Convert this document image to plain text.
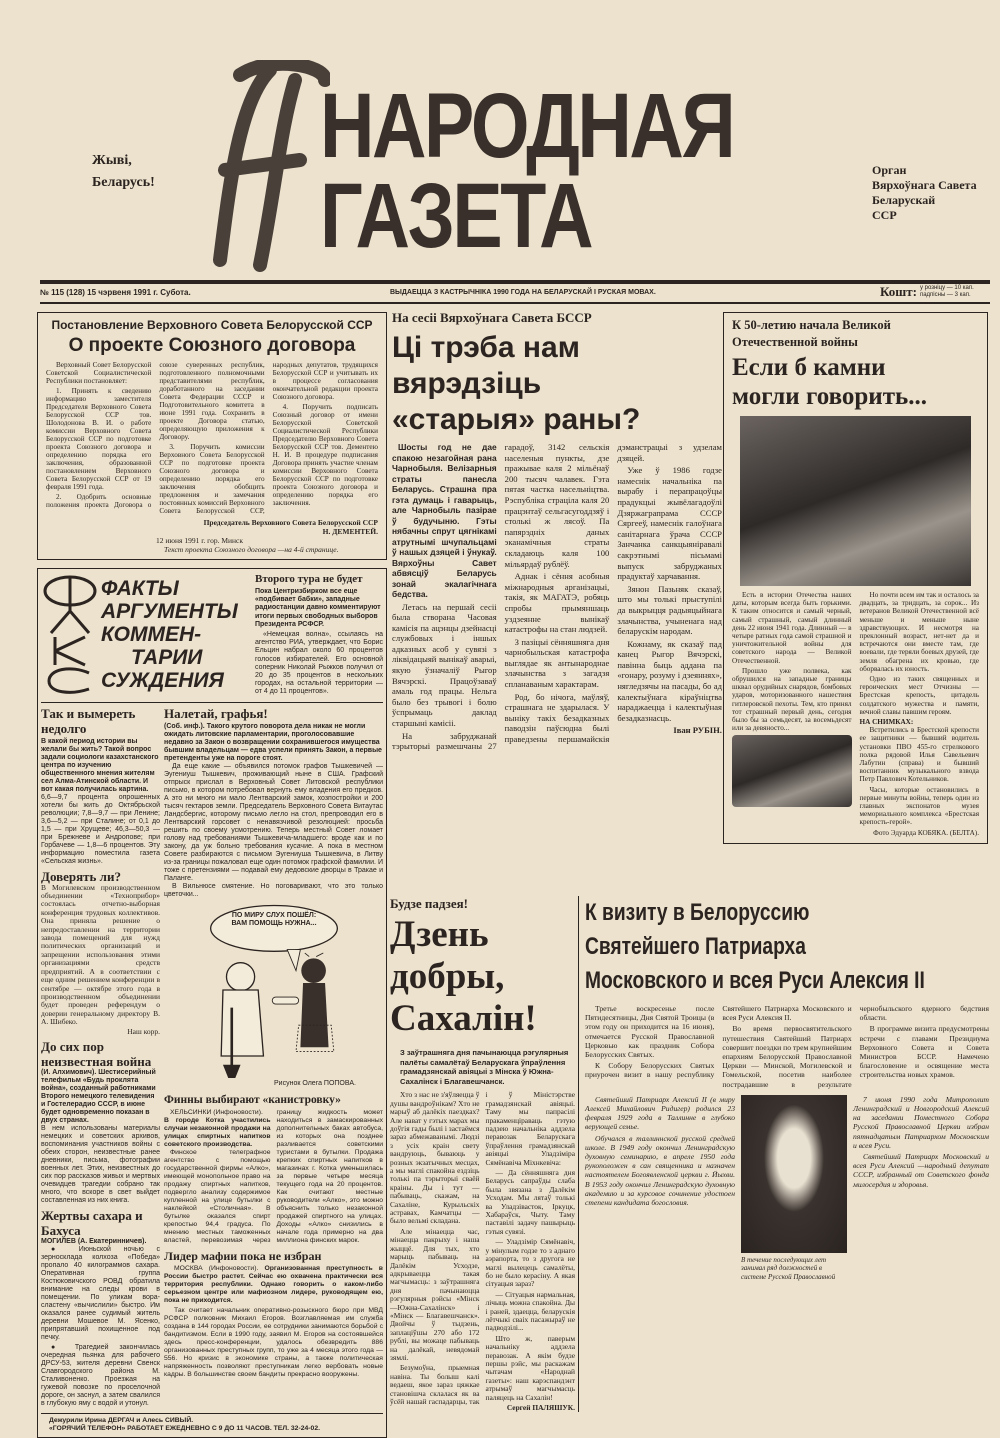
Жыві,
Беларусь!
НАРОДНАЯ
ГАЗЕТА	Орган
Вярхоўнага Савета
Беларускай
ССР
№ 115 (128) 15 чэрвеня 1991 г. Субота.	ВЫДАЕЦЦА З КАСТРЫЧНІКА 1990 ГОДА НА БЕЛАРУСКАЙ І РУСКАЯ МОВАХ.	Кошт: у розніцу — 10 кап.
падпісны — 3 кап.
Постановление Верховного Совета Белорусской ССР
О проекте Союзного договора

Верховный Совет Белорусской Советской Социалистической Республики постановляет:

1. Принять к сведению информацию заместителя Председателя Верховного Совета Белорусской ССР тов. Шолодонова В. И. о работе комиссии Верховного Совета Белорусской ССР по подготовке проекта Союзного договора и определению порядка его заключения, образованной постановлением Верховного Совета Белорусской ССР от 19 февраля 1991 года.

2. Одобрить основные положения проекта Договора о союзе суверенных республик, подготовленного полномочными представителями республик, доработанного на заседании Совета Федерации СССР и Подготовительного комитета в июне 1991 года. Сохранить в проекте Договора статью, определяющую приложения к Договору.

3. Поручить комиссии Верховного Совета Белорусской ССР по подготовке проекта Союзного договора и определению порядка его заключения обобщить предложения и замечания постоянных комиссий Верховного Совета Белорусской ССР, народных депутатов, трудящихся Белорусской ССР и учитывать их в процессе согласования окончательной редакции проекта Союзного договора.

4. Поручить подписать Союзный договор от имени Белорусской Советской Социалистической Республики Председателю Верховного Совета Белорусской ССР тов. Дементею Н. И. В процедуре подписания Договора принять участие членам комиссии Верховного Совета Белорусской ССР по подготовке проекта Союзного договора и определению порядка его заключения.

Председатель Верховного Совета Белорусской ССР
Н. ДЕМЕНТЕЙ.
12 июня 1991 г. гор. Минск
Текст проекта Союзного договора —на 4-й странице.
ФАКТЫ
АРГУМЕНТЫ
КОММЕН-
ТАРИИ
СУЖДЕНИЯ
Второго тура не будет
Пока Центризбирком все еще «подбивает бабки», западные радиостанции давно комментируют итоги первых свободных выборов Президента РСФСР.
«Немецкая волна», ссылаясь на агентство РИА, утверждает, что Борис Ельцин набрал около 60 процентов голосов избирателей. Его основной соперник Николай Рыжков получил от 20 до 35 процентов в нескольких городах, на остальной территории — от 4 до 11 процентов».
Так и вымереть недолго
В какой период истории вы желали бы жить? Такой вопрос задали социологи казахстанского центра по изучению общественного мнения жителям сел Алма-Атинской области. И вот какая получилась картина.
6,6—9,7 процента опрошенных хотели бы жить до Октябрьской революции; 7,8—9,7 — при Ленине; 3,6—5,2 — при Сталине; от 0,1 до 1,5 — при Хрущеве; 46,3—50,3 — при Брежневе и Андропове; при Горбачеве — 1,8—6 процентов. Эту информацию поместила газета «Сельская жизнь».
Доверять ли?
В Могилевском производственном объединении «Техноприбор» состоялась отчетно-выборная конференция трудовых коллективов. Она приняла решение о непредоставлении на территории завода помещений для нужд политических организаций и запрещении использования этими организациями средств предприятий. А в соответствии с еще одним решением конференции в сентябре — октябре этого года в производственном объединении будет проведен референдум о доверии генеральному директору В. А. Шибеко.
Наш корр.
До сих пор неизвестная война
(И. Алхимович). Шестисерийный телефильм «Будь проклята война», созданный работниками Второго немецкого телевидения и Гостелерадио СССР, в июне будет одновременно показан в двух странах.
В нем использованы материалы немецких и советских архивов, воспоминания участников войны с обеих сторон, неизвестные ранее дневники, письма, фотографии военных лет. Этих, неизвестных до сих пор рассказов живых и мертвых очевидцев трагедии собрано так много, что вскоре в свет выйдет составленная из них книга.
Жертвы сахара и Бахуса
МОГИЛЕВ (А. Екатеринничев).

● Июньской ночью с зерносклада колхоза «Победа» пропало 40 килограммов сахара. Оперативная группа Костюковичского РОВД обратила внимание на следы крови в помещении. По уликам вора-сластену «вычислили» быстро. Им оказался ранее судимый житель деревни Мошевое М. Ясенко, припрятавший похищенное под печку.

● Трагедией закончилась очередная пьянка для рабочего ДРСУ-53, жителя деревни Свенск Славгородского района М. Сталивоненко. Проезжая на гужевой повозке по проселочной дороге, он заснул, а затем свалился в глубокую яму с водой и утонул.

Налетай, графья!
(Соб. инф.). Такого крутого поворота дела никак не могли ожидать литовские парламентарии, проголосовавшие недавно за Закон о возвращении сохранившегося имущества бывшим владельцам — едва успели принять Закон, а первые претенденты уже на пороге стоят.
Да еще какие — объявился потомок графов Тышкевичей — Эугениуш Тышкевич, проживающий ныне в США. Графский отпрыск прислал в Верховный Совет Литовской республики письмо, в котором потребовал вернуть ему владения его предков. А это ни много ни мало Лентварский замок, хозпостройки и 200 тысяч гектаров земли. Председатель Верховного Совета Витаутас Ландсбергис, которому письмо легло на стол, препроводил его в Лентварский горсовет с ненавязчивой резолюцией: просьба решить по своему усмотрению. Теперь местный Совет ломает голову над требованиями Тышкевича-младшего: вроде как и по закону, да уж больно требования кусачие. А пока в местном Совете разбираются с письмом Эугениуша Тышкевича, в Литву из-за границы пожаловал еще один потомок графской фамилии. И тоже с претензиями — подавай ему дедовские дворцы в Тракае и Паланге.
В Вильнюсе смятение. Но поговаривают, что это только цветочки...
ПО МИРУ СЛУХ ПОШЁЛ: ВАМ ПОМОЩЬ НУЖНА...
Рисунок Олега ПОПОВА.
Финны выбирают «канистровку»
ХЕЛЬСИНКИ (Инфоновости).
В городе Котка участились случаи незаконной продажи на улицах спиртных напитков советского производства.
Финское телеграфное агентство с помощью государственной фирмы «Алко», имеющей монопольное право на продажу спиртных напитков, подвергло анализу содержимое купленной на улице бутылки с наклейкой «Столичная». В бутылке оказался спирт крепостью 94,4 градуса. По мнению местных таможенных властей, перевозимая через границу жидкость может находиться в замаскированных дополнительных баках автобуса, из которых она позднее разливается советскими туристами в бутылки. Продажа крепких спиртных напитков в магазинах г. Котка уменьшилась за первые четыре месяца текущего года на 20 процентов. Как считают местные руководители «Алко», это можно объяснить только незаконной продажей спиртного на улицах. Доходы «Алко» снизились в начале года примерно на два миллиона финских марок.
Лидер мафии пока не избран

МОСКВА (Инфоновости). Организованная преступность в России быстро растет. Сейчас ею охвачена практически вся территория республики. Однако говорить о каком-либо серьезном центре или мафиозном лидере, руководящем ею, пока не приходится.

Так считает начальник оперативно-розыскного бюро при МВД РСФСР полковник Михаил Егоров. Возглавляемая им служба создана в 144 городах России, ее сотрудники занимаются борьбой с бандитизмом. Если в 1990 году, заявил М. Егоров на состоявшейся здесь пресс-конференции, удалось обезвредить 886 организованных преступных групп, то уже за 4 месяца этого года — 556. Но кризис в экономике страны, а также политическая напряженность позволяют преступникам легко вербовать новые кадры. В большинстве своем бандиты прекрасно вооружены.

Дежурили Ирина ДЕРГАЧ и Алесь СИВЫЙ.
«ГОРЯЧИЙ ТЕЛЕФОН» РАБОТАЕТ ЕЖЕДНЕВНО С 9 ДО 11 ЧАСОВ. ТЕЛ. 32-24-02.
На сесіі Вярхоўнага Савета БССР
Ці трэба нам вярэдзіць
«старыя» раны?

Шосты год не дае спакою незагойная рана Чарнобыля. Велізарныя страты панесла Беларусь. Страшна пра гэта думаць і гаварыць, але Чарнобыль пазірае ў будучыню. Гэты нябачны спрут цягнікамі атрутнымі шчупальцамі ў нашых дзяцей і ўнукаў. Вярхоўны Савет абвясціў Беларусь зонай экалагічнага бедства.

Летась на першай сесіі была створана Часовая камісія па ацэнцы дзейнасці службовых і іншых адказных асоб у сувязі з ліквідацыяй вынікаў аварыі, якую ўзначаліў Рыгор Вячэрскі. Працоўзаваў амаль год працы. Нельга было без трывогі і болю ўспрымаць даклад старшыні камісіі.

На забруджанай тэрыторыі размешчаны 27 гарадоў, 3142 сельскія населеныя пункты, дзе пражывае каля 2 мільёнаў 200 тысяч чалавек. Гэта пятая частка насельніцтва. Рэспубліка страціла каля 20 працэнтаў сельгасугоддзяў і столькі ж лясоў. Па папярэдніх даных эканамічныя страты складаюць каля 100 мільярдаў рублёў.

Аднак і сёння асобныя міжнародныя арганізацыі, такія, як МАГАТЭ, робяць спробы прымяншаць уздзеянне вынікаў катастрофы на стан людзей.

З пазіцыі сённяшняга дня чарнобыльская катастрофа выглядае як антынароднае злачынства з загадзя спланаваным характарам.

Род, бо нічога, маўляў, страшнага не здарылася. У выніку такіх безадказных паводзін паўсюдна былі праведзены першамайскія дэманстрацыі з удзелам дзяцей.

Уже ў 1986 годзе намеснік начальніка па вырабу і перапрацоўцы прадукцыі жывёлагадоўлі Дзяржаграпрама СССР Сяргееў, намеснік галоўнага санітарнага ўрача СССР Занчанка санкцыяніравалі сакрэтнымі пісьмамі выпуск забруджаных прадуктаў харчавання.

Зянон Пазьняк сказаў, што мы толькі прыступілі да выкрыцця радыяцыйнага злачынства, учыненага над беларускім народам.

Кожнаму, як сказаў пад канец Рыгор Вячэрскі, павінна быць аддана па «гонару, розуму і дзеяннях», нягледзячы на пасады, бо ад калектыўнага кіраўніцтва нараджаецца і калектыўная безадказнасць.

Іван РУБІН.

К 50-летию начала Великой
Отечественной войны
Если б камни
могли говорить...

Есть в истории Отечества наших даты, которым всегда быть горькими. К таким относится и самый черный, самый страшный, самый длинный день 22 июня 1941 года. Длинный — в четыре ратных года самой страшной и уничтожительной войны для советского народа — Великой Отечественной.

Прошло уже полвека, как обрушился на западные границы шквал орудийных снарядов, бомбовых ударов, моторизованного нашествия гитлеровской пехоты. Тем, кто принял тот страшный первый день, сегодня было бы за семьдесят, за восемьдесят или за девяносто...

Но почти всем им так и осталось за двадцать, за тридцать, за сорок... Из ветеранов Великой Отечественной всё меньше и меньше ныне здравствующих. И несмотря на преклонный возраст, нет-нет да и встречаются они вместе там, где воевали, где теряли боевых друзей, где земля обагрена их кровью, где оборвалась их юность.

Одно из таких священных и героических мест Отчизны — Брестская крепость, цитадель солдатского мужества и памяти, вечной славы павшим героям.

НА СНИМКАХ:

Встретились в Брестской крепости ее защитники — бывший водитель установки ПВО 455-го стрелкового полка рядовой Илья Савельевич Лабутин (справа) и бывший воспитанник музыкального взвода Петр Павлович Котельников.

Часы, которые остановились в первые минуты войны, теперь один из главных экспонатов музея мемориального комплекса «Брестская крепость-герой».

Фото Эдуарда КОБЯКА. (БЕЛТА).

Будзе падзея!
Дзень добры,
Сахалін!
З заўтрашняга дня пачынаюцца рэгулярныя палёты самалётаў Беларускага ўпраўлення грамадзянскай авіяцыі з Мінска ў Южна-Сахалінск і Благавешчанск.

Хто з нас не з'яўляецца ў душы вандроўнікам? Хто не марыў аб далёкіх паездках? Але нават у гэтых марах мы доўгія гады былі і застаёмся зараз абмежаванымі. Людзі з усіх краін свету вандруюць, бываюць у розных экзатычных месцах, а мы маглі спакойна ездзіць толькі па тэрыторыі сваёй краіны. Ды і тут — пабываць, скажам, на Сахаліне, Курыльскіх астравах, Камчатцы — было вельмі складана.

Але мінаецца час, мінаецца пакрыху і наша жыццё. Для тых, хто марыць пабываць на Далёкім Усходзе, адкрываецца такая магчымасць: з заўтрашняга дня пачынаюцца рэгулярныя рэйсы «Мінск—Южна-Сахалінск» і «Мінск — Благавешчанск». Двойчы ў тыдзень, заплаціўшы 270 або 172 рублі, вы можаце пабываць на далёкай, невядомай зямлі.

Безумоўна, прыемная навіна. Ты болыш калі ведаеш, якое зараз цяжкае становішча склалася як ва ўсёй нашай гаспадарцы, так і ў Міністэрстве грамадзянскай авіяцыі. Таму мы папрасілі пракаменціраваць гэтую падзею начальніка аддзела перавозак Беларускага ўпраўлення грамадзянскай авіяцыі Уладзіміра Сямёнавіча Міхнкевіча:

— Да сённяшняга дня Беларусь сапраўды слаба была звязана з Далёкім Усходам. Мы лятаў толькі ва Уладзівасток, Іркуцк, Хабараўск, Чыту. Таму паставілі задачу пашырыць гэтыя сувязі.

— Уладзімір Сямёнавіч, у мінулым годзе то з аднаго аэрапорта, то з другога не маглі вылецець самалёты, бо не было керасіну. А якая сітуацыя зараз?

— Сітуацыя нармальная, лічыць можна спакойна. Ды і раней, здаецца, беларускія лётчыкі сваіх пасажыраў не падводзілі...

Што ж, паверым начальніку аддзела перавозак. А якім будзе першы рэйс, мы раскажам чытачам «Народнай газеты»: наш карэспандэнт атрымаў магчымасць паляцець на Сахалін!

Сергей ПАЛЯШУК.

К визиту в Белоруссию
Святейшего Патриарха
Московского и всея Руси Алексия II

Третье воскресенье после Пятидесятницы, Дня Святой Троицы (в этом году он приходится на 16 июня), отмечается Русской Православной Церковью как праздник Собора Белорусских Святых.

К Собору Белорусских Святых приурочен визит в нашу республику Святейшего Патриарха Московского и всея Руси Алексия II.

Во время первосвятительского путешествия Святейший Патриарх совершит поездки по трем крупнейшим епархиям Белорусской Православной Церкви — Минской, Могилевской и Гомельской, посетив наиболее пострадавшие в результате чернобыльского ядерного бедствия области.

В программе визита предусмотрены встречи с главами Президиума Верховного Совета и Совета Министров БССР. Намечено благословение и освящение места строительства новых храмов.

Святейший Патриарх Алексий II (в миру Алексей Михайлович Ридигер) родился 23 февраля 1929 года в Таллинне в глубоко верующей семье.

Обучался в таллиннской русской средней школе. В 1949 году окончил Ленинградскую духовную семинарию, в апреле 1950 года рукоположен в сан священника и назначен настоятелем Богоявленской церкви г. Йыхви. В 1953 году окончил Ленинградскую духовную академию и за курсовое сочинение удостоен степени кандидата богословия.

В течение последующих лет занимал ряд должностей в системе Русской Православной

7 июня 1990 года Митрополит Ленинградский и Новгородский Алексий на заседании Поместного Собора Русской Православной Церкви избран пятнадцатым Патриархом Московским и всея Руси.

Святейший Патриарх Московский и всея Руси Алексий —народный депутат СССР, избранный от Советского фонда милосердия и здоровья.
